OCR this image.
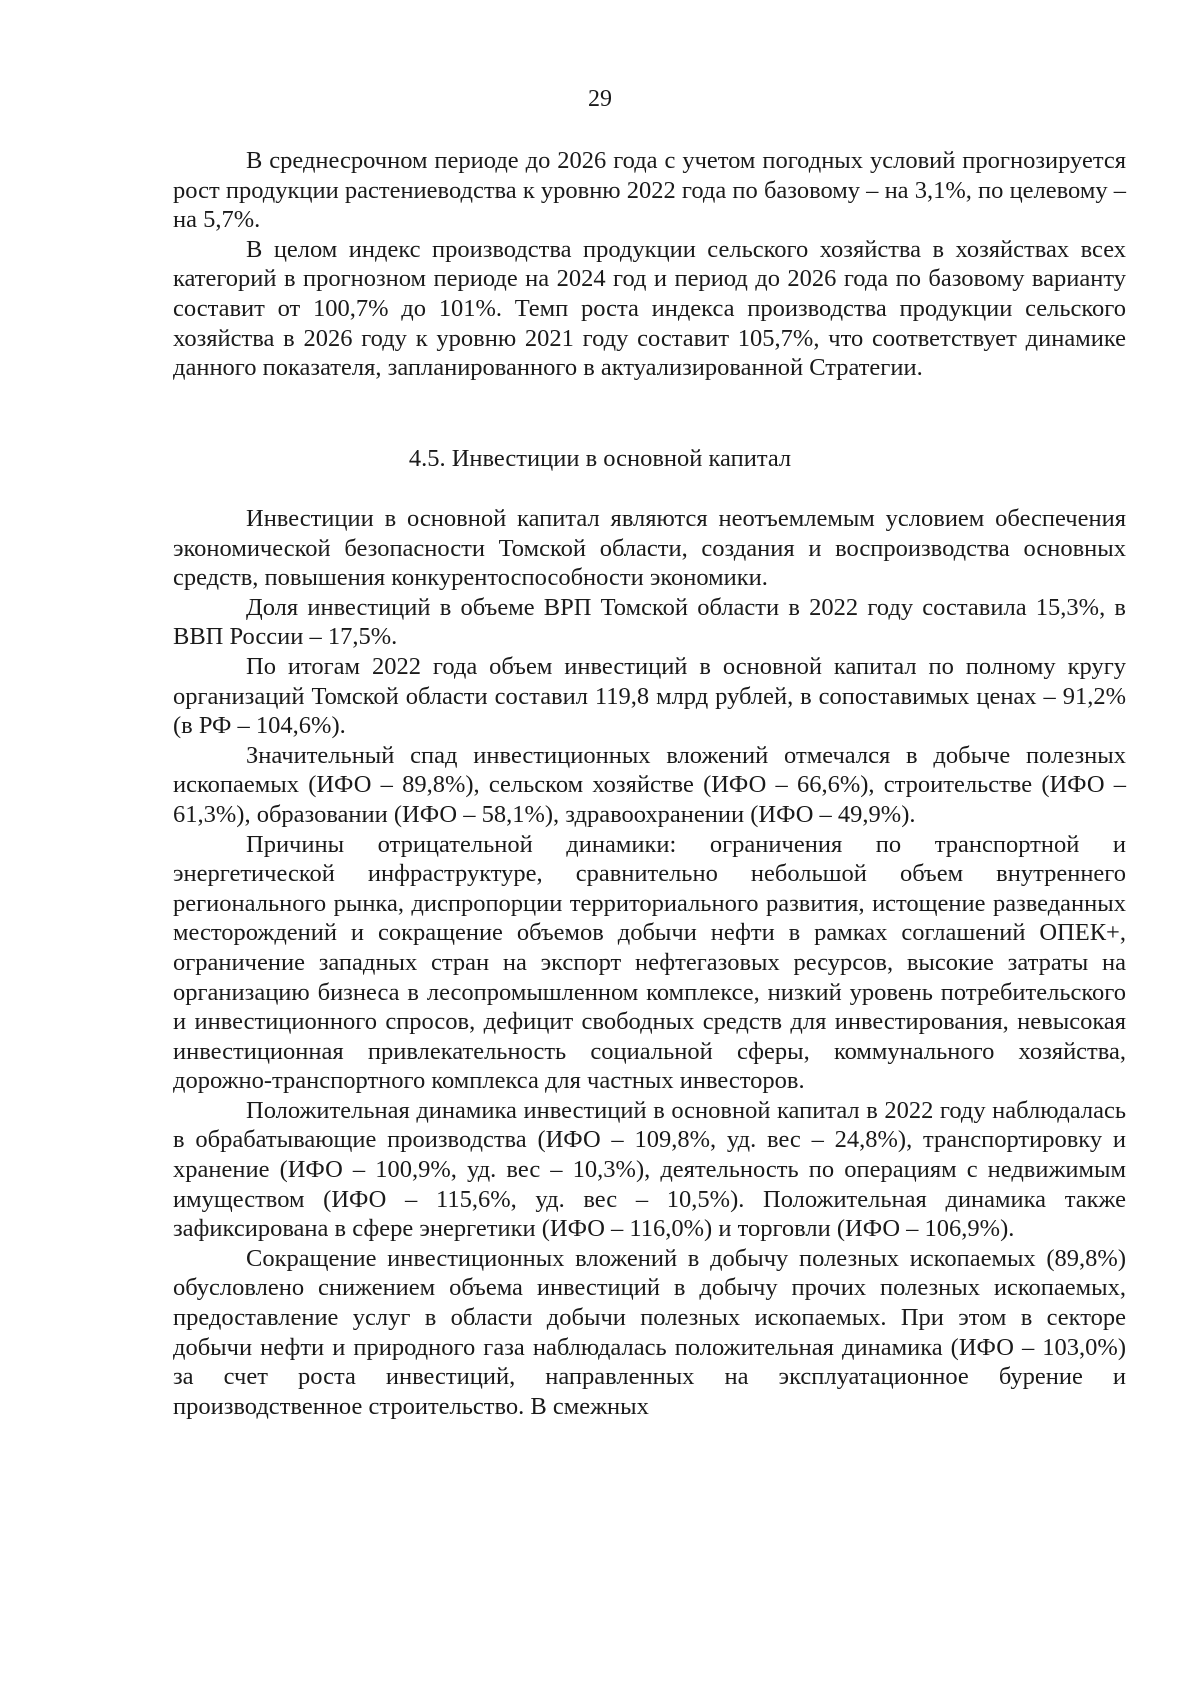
29

В среднесрочном периоде до 2026 года с учетом погодных условий прогнозируется рост продукции растениеводства к уровню 2022 года по базовому – на 3,1%, по целевому – на 5,7%.

В целом индекс производства продукции сельского хозяйства в хозяйствах всех категорий в прогнозном периоде на 2024 год и период до 2026 года по базовому варианту составит от 100,7% до 101%. Темп роста индекса производства продукции сельского хозяйства в 2026 году к уровню 2021 году составит 105,7%, что соответствует динамике данного показателя, запланированного в актуализированной Стратегии.

4.5. Инвестиции в основной капитал

Инвестиции в основной капитал являются неотъемлемым условием обеспечения экономической безопасности Томской области, создания и воспроизводства основных средств, повышения конкурентоспособности экономики.

Доля инвестиций в объеме ВРП Томской области в 2022 году составила 15,3%, в ВВП России – 17,5%.

По итогам 2022 года объем инвестиций в основной капитал по полному кругу организаций Томской области составил 119,8 млрд рублей, в сопоставимых ценах – 91,2% (в РФ – 104,6%).

Значительный спад инвестиционных вложений отмечался в добыче полезных ископаемых (ИФО – 89,8%), сельском хозяйстве (ИФО – 66,6%), строительстве (ИФО – 61,3%), образовании (ИФО – 58,1%), здравоохранении (ИФО – 49,9%).

Причины отрицательной динамики: ограничения по транспортной и энергетической инфраструктуре, сравнительно небольшой объем внутреннего регионального рынка, диспропорции территориального развития, истощение разведанных месторождений и сокращение объемов добычи нефти в рамках соглашений ОПЕК+, ограничение западных стран на экспорт нефтегазовых ресурсов, высокие затраты на организацию бизнеса в лесопромышленном комплексе, низкий уровень потребительского и инвестиционного спросов, дефицит свободных средств для инвестирования, невысокая инвестиционная привлекательность социальной сферы, коммунального хозяйства, дорожно-транспортного комплекса для частных инвесторов.

Положительная динамика инвестиций в основной капитал в 2022 году наблюдалась в обрабатывающие производства (ИФО – 109,8%, уд. вес – 24,8%), транспортировку и хранение (ИФО – 100,9%, уд. вес – 10,3%), деятельность по операциям с недвижимым имуществом (ИФО – 115,6%, уд. вес – 10,5%). Положительная динамика также зафиксирована в сфере энергетики (ИФО – 116,0%) и торговли (ИФО – 106,9%).

Сокращение инвестиционных вложений в добычу полезных ископаемых (89,8%) обусловлено снижением объема инвестиций в добычу прочих полезных ископаемых, предоставление услуг в области добычи полезных ископаемых. При этом в секторе добычи нефти и природного газа наблюдалась положительная динамика (ИФО – 103,0%) за счет роста инвестиций, направленных на эксплуатационное бурение и производственное строительство. В смежных
